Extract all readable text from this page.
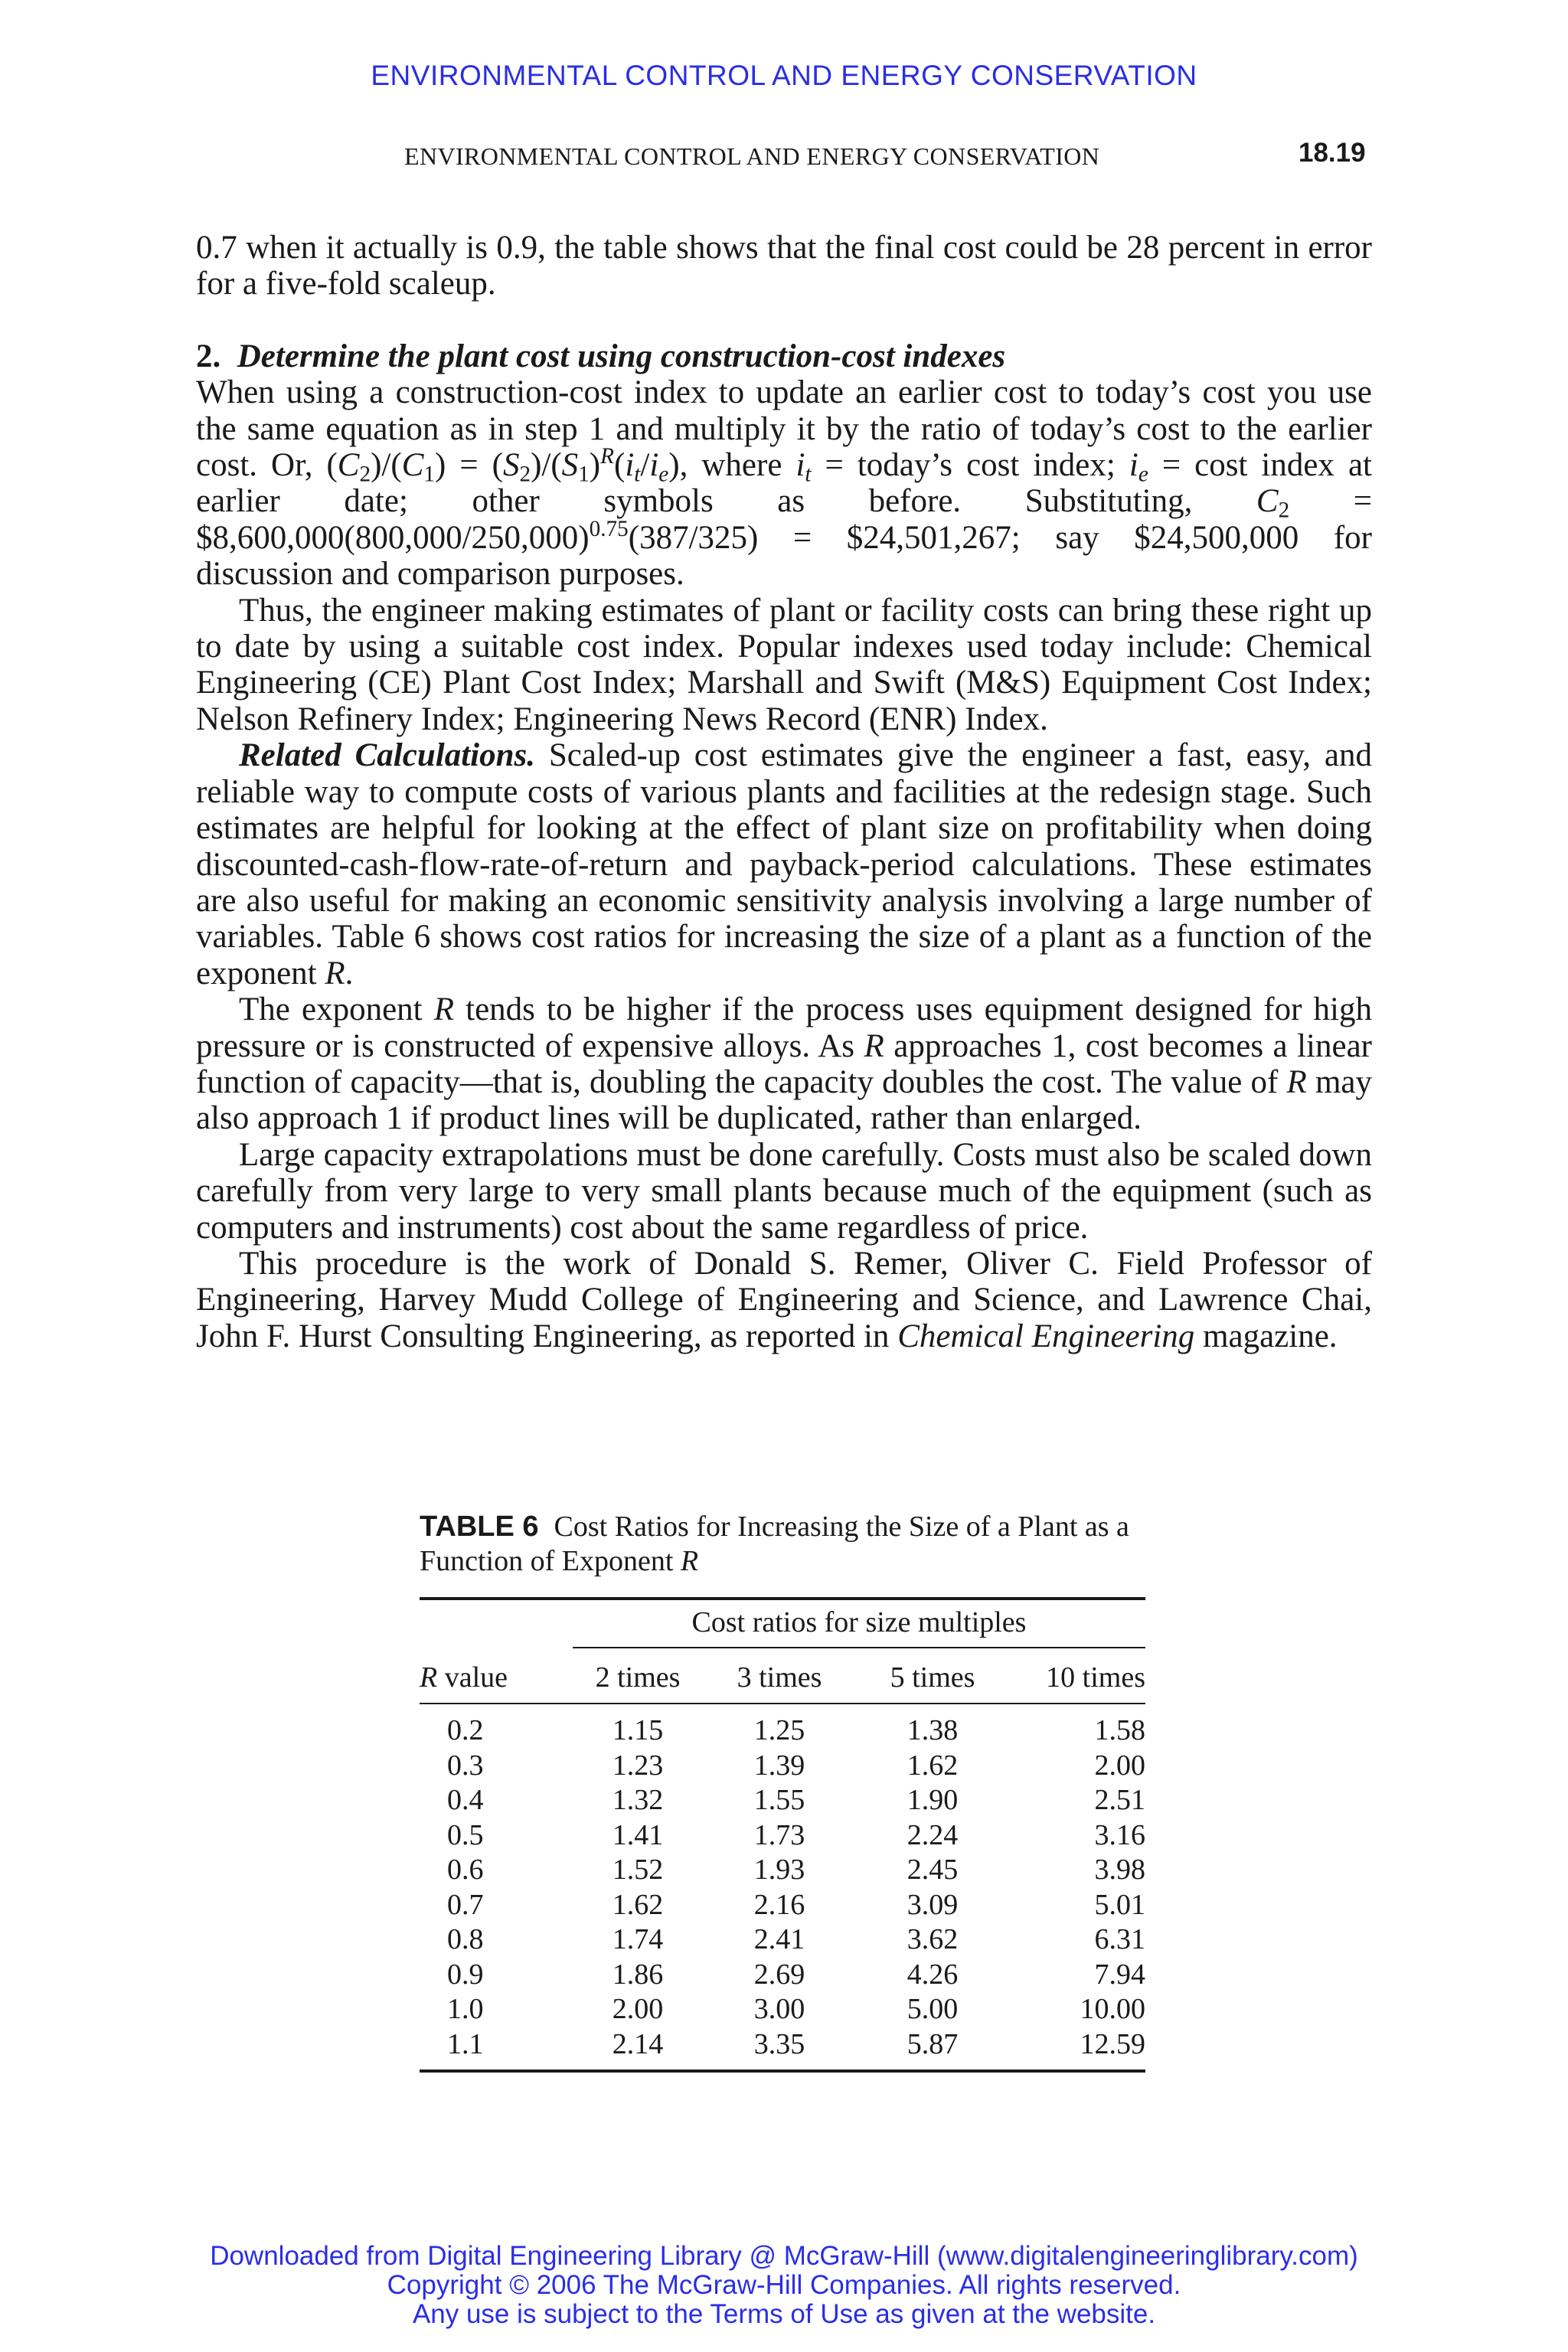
ENVIRONMENTAL CONTROL AND ENERGY CONSERVATION
ENVIRONMENTAL CONTROL AND ENERGY CONSERVATION	18.19

0.7 when it actually is 0.9, the table shows that the final cost could be 28 percent in error for a five-fold scaleup.

2. Determine the plant cost using construction-cost indexes

When using a construction-cost index to update an earlier cost to today’s cost you use the same equation as in step 1 and multiply it by the ratio of today’s cost to the earlier cost. Or, $(C_2)/(C_1) = (S_2)/(S_1)^R(i_t/i_e)$, where $i_t$ = today’s cost index; $i_e = \cos t$ index at earlier date; other symbols as before. Substituting, $C_2$ = $\$8,600,000(800,000/250,000)^{0.75}(387/325)$ = $24,501,267; say $24,500,000 for discussion and comparison purposes.

Thus, the engineer making estimates of plant or facility costs can bring these right up to date by using a suitable cost index. Popular indexes used today include: Chemical Engineering (CE) Plant Cost Index; Marshall and Swift (M&S) Equipment Cost Index; Nelson Refinery Index; Engineering News Record (ENR) Index.

Related Calculations. Scaled-up cost estimates give the engineer a fast, easy, and reliable way to compute costs of various plants and facilities at the redesign stage. Such estimates are helpful for looking at the effect of plant size on profitability when doing discounted-cash-flow-rate-of-return and payback-period calculations. These estimates are also useful for making an economic sensitivity analysis involving a large number of variables. Table 6 shows cost ratios for increasing the size of a plant as a function of the exponent R.

The exponent R tends to be higher if the process uses equipment designed for high pressure or is constructed of expensive alloys. As R approaches 1, cost becomes a linear function of capacity—that is, doubling the capacity doubles the cost. The value of R may also approach 1 if product lines will be duplicated, rather than enlarged.

Large capacity extrapolations must be done carefully. Costs must also be scaled down carefully from very large to very small plants because much of the equipment (such as computers and instruments) cost about the same regardless of price.

This procedure is the work of Donald S. Remer, Oliver C. Field Professor of Engineering, Harvey Mudd College of Engineering and Science, and Lawrence Chai, John F. Hurst Consulting Engineering, as reported in Chemical Engineering magazine.

TABLE 6 Cost Ratios for Increasing the Size of a Plant as a Function of Exponent R

	Cost ratios for size multiples			

R value	2 times	3 times	5 times	10 times
0.2	1.15	1.25	1.38	1.58
0.3	1.23	1.39	1.62	2.00
0.4	1.32	1.55	1.90	2.51
0.5	1.41	1.73	2.24	3.16
0.6	1.52	1.93	2.45	3.98
0.7	1.62	2.16	3.09	5.01
0.8	1.74	2.41	3.62	6.31
0.9	1.86	2.69	4.26	7.94
1.0	2.00	3.00	5.00	10.00
1.1	2.14	3.35	5.87	12.59
Downloaded from Digital Engineering Library @ McGraw-Hill (www.digitalengineeringlibrary.com)
Copyright © 2006 The McGraw-Hill Companies. All rights reserved.
Any use is subject to the Terms of Use as given at the website.
